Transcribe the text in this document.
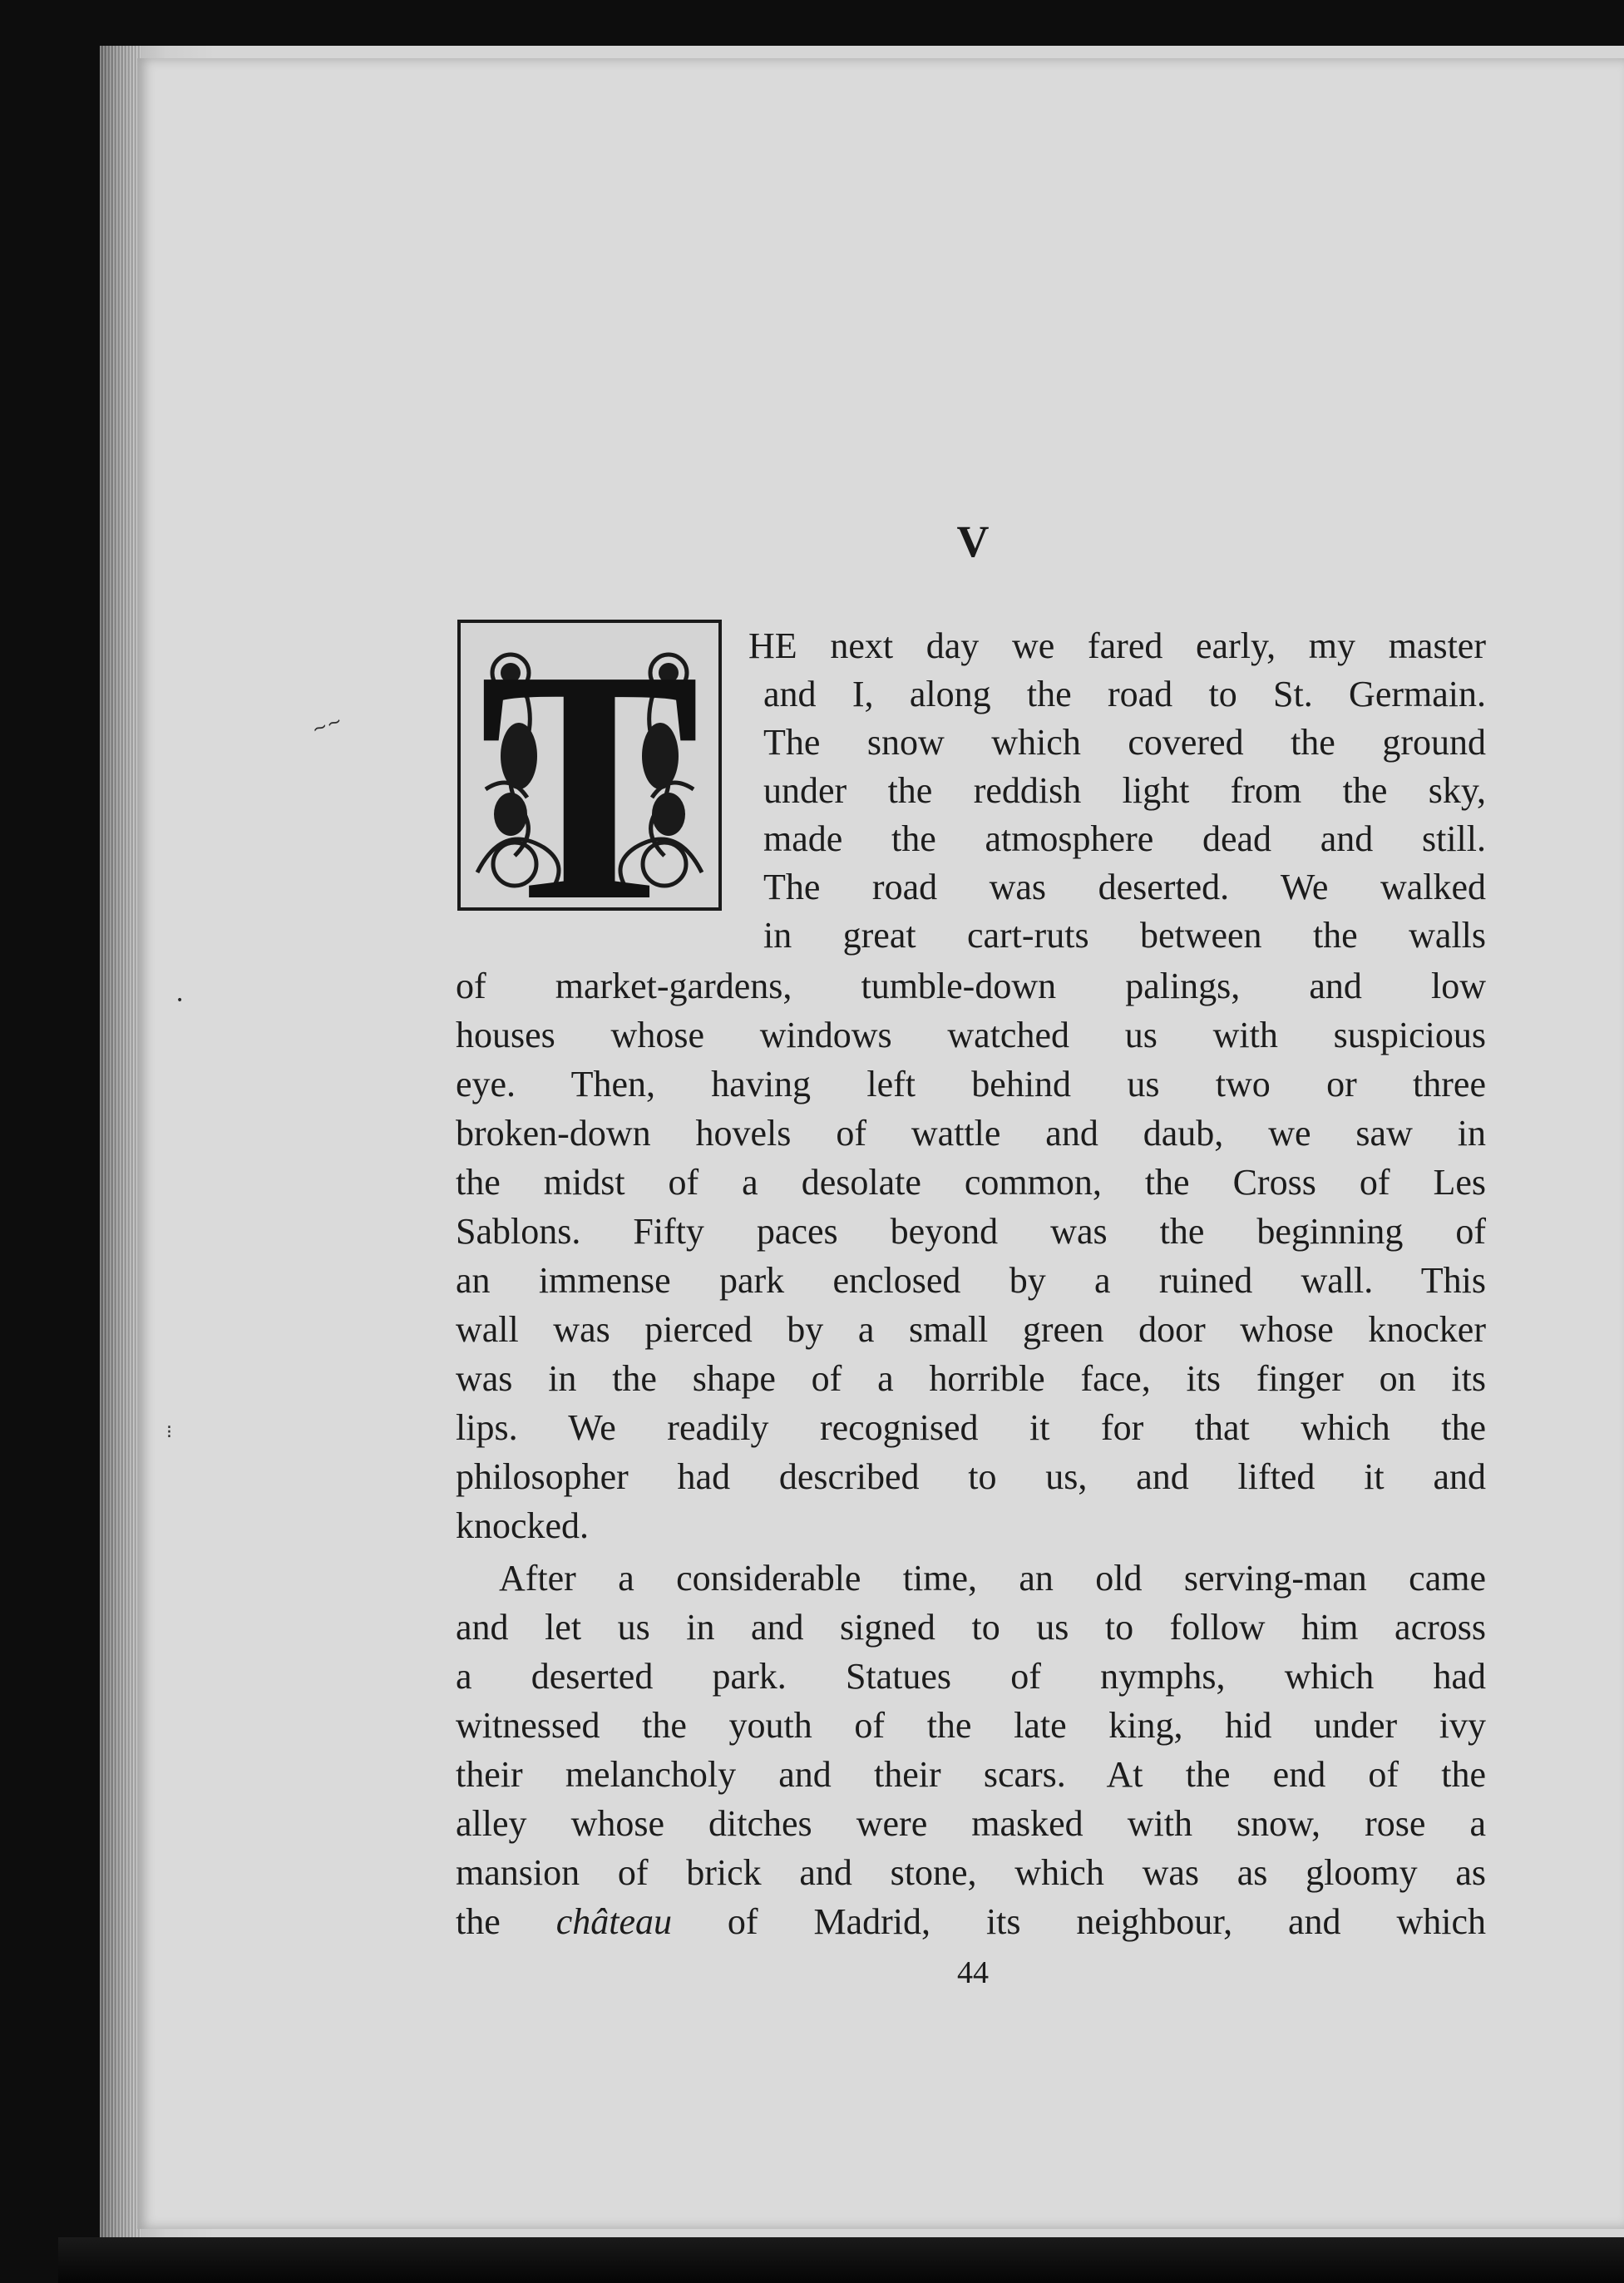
~~
•
⁝
V
T HE next day we fared early, my master
and I, along the road to St. Germain.
The snow which covered the ground
under the reddish light from the sky,
made the atmosphere dead and still.
The road was deserted. We walked
in great cart-ruts between the walls
of market-gardens, tumble-down palings, and low
houses whose windows watched us with suspicious
eye. Then, having left behind us two or three
broken-down hovels of wattle and daub, we saw in
the midst of a desolate common, the Cross of Les
Sablons. Fifty paces beyond was the beginning of
an immense park enclosed by a ruined wall. This
wall was pierced by a small green door whose knocker
was in the shape of a horrible face, its finger on its
lips. We readily recognised it for that which the
philosopher had described to us, and lifted it and
knocked.
After a considerable time, an old serving-man came
and let us in and signed to us to follow him across
a deserted park. Statues of nymphs, which had
witnessed the youth of the late king, hid under ivy
their melancholy and their scars. At the end of the
alley whose ditches were masked with snow, rose a
mansion of brick and stone, which was as gloomy as
the château of Madrid, its neighbour, and which
44
